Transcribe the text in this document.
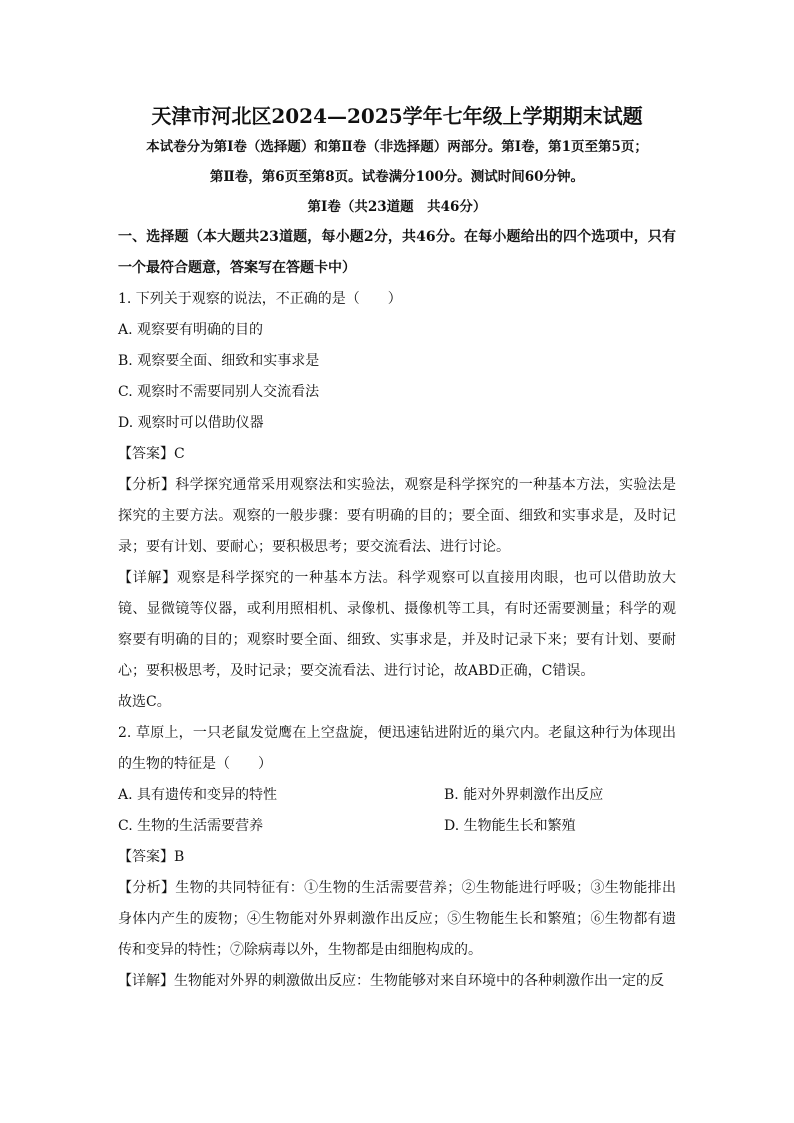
天津市河北区2024—2025学年七年级上学期期末试题
本试卷分为第Ⅰ卷（选择题）和第Ⅱ卷（非选择题）两部分。第Ⅰ卷，第1页至第5页；
第Ⅱ卷，第6页至第8页。试卷满分100分。测试时间60分钟。
第Ⅰ卷（共23道题　共46分）

一、选择题（本大题共23道题，每小题2分，共46分。在每小题给出的四个选项中，只有一个最符合题意，答案写在答题卡中）

1. 下列关于观察的说法，不正确的是（　　）
A. 观察要有明确的目的
B. 观察要全面、细致和实事求是
C. 观察时不需要同别人交流看法
D. 观察时可以借助仪器
【答案】C

【分析】科学探究通常采用观察法和实验法，观察是科学探究的一种基本方法，实验法是探究的主要方法。观察的一般步骤：要有明确的目的；要全面、细致和实事求是，及时记录；要有计划、要耐心；要积极思考；要交流看法、进行讨论。

【详解】观察是科学探究的一种基本方法。科学观察可以直接用肉眼，也可以借助放大镜、显微镜等仪器，或利用照相机、录像机、摄像机等工具，有时还需要测量；科学的观察要有明确的目的；观察时要全面、细致、实事求是，并及时记录下来；要有计划、要耐心；要积极思考，及时记录；要交流看法、进行讨论，故ABD正确，C错误。

故选C。

2. 草原上，一只老鼠发觉鹰在上空盘旋，便迅速钻进附近的巢穴内。老鼠这种行为体现出的生物的特征是（　　）

A. 具有遗传和变异的特性	B. 能对外界刺激作出反应
C. 生物的生活需要营养	D. 生物能生长和繁殖
【答案】B

【分析】生物的共同特征有：①生物的生活需要营养；②生物能进行呼吸；③生物能排出身体内产生的废物；④生物能对外界刺激作出反应；⑤生物能生长和繁殖；⑥生物都有遗传和变异的特性；⑦除病毒以外，生物都是由细胞构成的。

【详解】生物能对外界的刺激做出反应：生物能够对来自环境中的各种刺激作出一定的反
